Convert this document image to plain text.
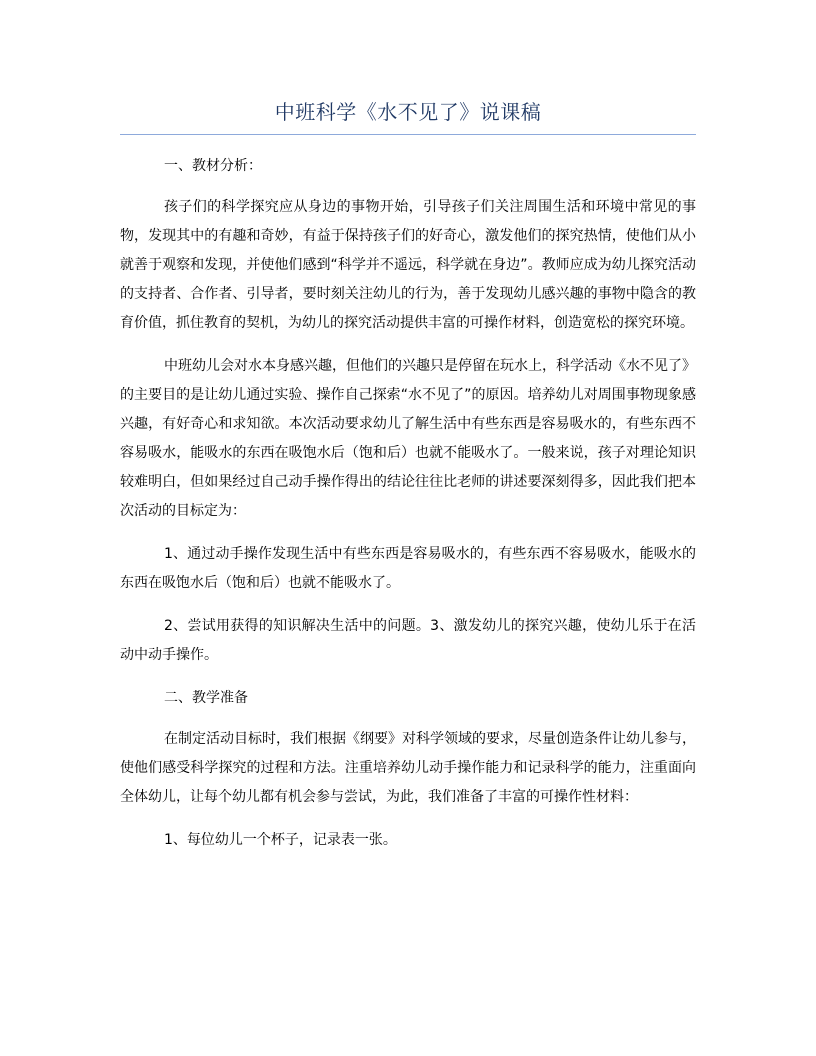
中班科学《水不见了》说课稿

一、教材分析：

孩子们的科学探究应从身边的事物开始，引导孩子们关注周围生活和环境中常见的事物，发现其中的有趣和奇妙，有益于保持孩子们的好奇心，激发他们的探究热情，使他们从小就善于观察和发现，并使他们感到“科学并不遥远，科学就在身边”。教师应成为幼儿探究活动的支持者、合作者、引导者，要时刻关注幼儿的行为，善于发现幼儿感兴趣的事物中隐含的教育价值，抓住教育的契机，为幼儿的探究活动提供丰富的可操作材料，创造宽松的探究环境。

中班幼儿会对水本身感兴趣，但他们的兴趣只是停留在玩水上，科学活动《水不见了》的主要目的是让幼儿通过实验、操作自己探索“水不见了”的原因。培养幼儿对周围事物现象感兴趣，有好奇心和求知欲。本次活动要求幼儿了解生活中有些东西是容易吸水的，有些东西不容易吸水，能吸水的东西在吸饱水后（饱和后）也就不能吸水了。一般来说，孩子对理论知识较难明白，但如果经过自己动手操作得出的结论往往比老师的讲述要深刻得多，因此我们把本次活动的目标定为：

1、通过动手操作发现生活中有些东西是容易吸水的，有些东西不容易吸水，能吸水的东西在吸饱水后（饱和后）也就不能吸水了。

2、尝试用获得的知识解决生活中的问题。3、激发幼儿的探究兴趣，使幼儿乐于在活动中动手操作。

二、教学准备

在制定活动目标时，我们根据《纲要》对科学领域的要求，尽量创造条件让幼儿参与，使他们感受科学探究的过程和方法。注重培养幼儿动手操作能力和记录科学的能力，注重面向全体幼儿，让每个幼儿都有机会参与尝试，为此，我们准备了丰富的可操作性材料：

1、每位幼儿一个杯子，记录表一张。
